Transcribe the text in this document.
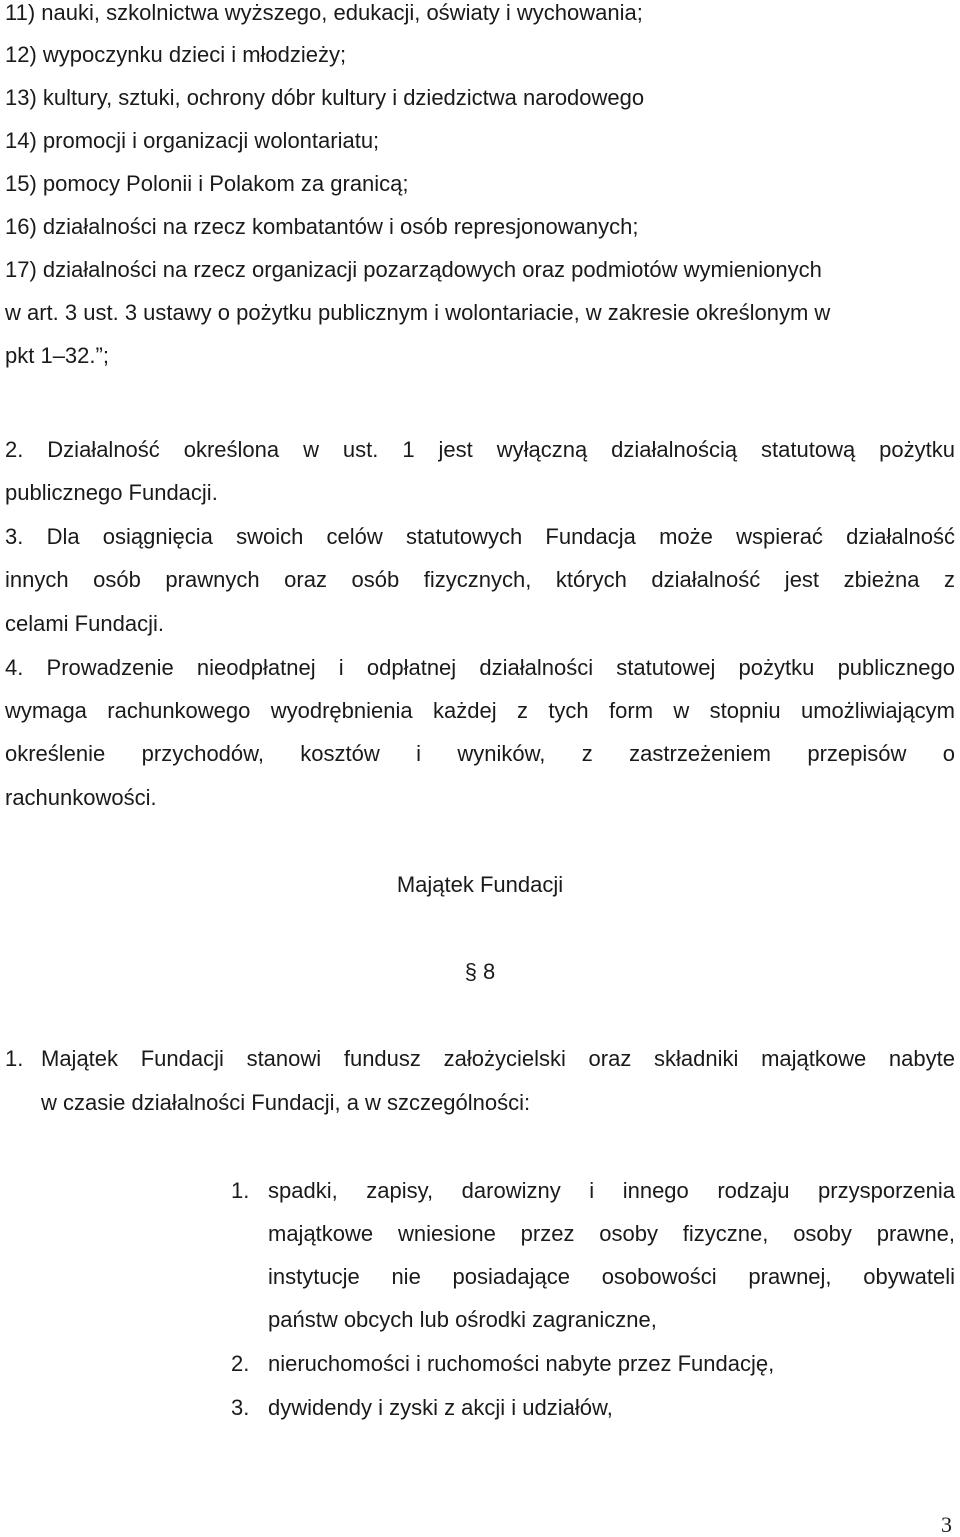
11) nauki, szkolnictwa wyższego, edukacji, oświaty i wychowania;
12) wypoczynku dzieci i młodzieży;
13) kultury, sztuki, ochrony dóbr kultury i dziedzictwa narodowego
14) promocji i organizacji wolontariatu;
15) pomocy Polonii i Polakom za granicą;
16) działalności na rzecz kombatantów i osób represjonowanych;
17) działalności na rzecz organizacji pozarządowych oraz podmiotów wymienionych
w art. 3 ust. 3 ustawy o pożytku publicznym i wolontariacie, w zakresie określonym w
pkt 1–32.”;
2. Działalność określona w ust. 1 jest wyłączną działalnością statutową pożytku
publicznego Fundacji.
3. Dla osiągnięcia swoich celów statutowych Fundacja może wspierać działalność
innych osób prawnych oraz osób fizycznych, których działalność jest zbieżna z
celami Fundacji.
4. Prowadzenie nieodpłatnej i odpłatnej działalności statutowej pożytku publicznego
wymaga rachunkowego wyodrębnienia każdej z tych form w stopniu umożliwiającym
określenie przychodów, kosztów i wyników, z zastrzeżeniem przepisów o
rachunkowości.
Majątek Fundacji
§ 8
1. Majątek Fundacji stanowi fundusz założycielski oraz składniki majątkowe nabyte
w czasie działalności Fundacji, a w szczególności:
1. spadki, zapisy, darowizny i innego rodzaju przysporzenia
majątkowe wniesione przez osoby fizyczne, osoby prawne,
instytucje nie posiadające osobowości prawnej, obywateli
państw obcych lub ośrodki zagraniczne,
2. nieruchomości i ruchomości nabyte przez Fundację,
3. dywidendy i zyski z akcji i udziałów,
3
